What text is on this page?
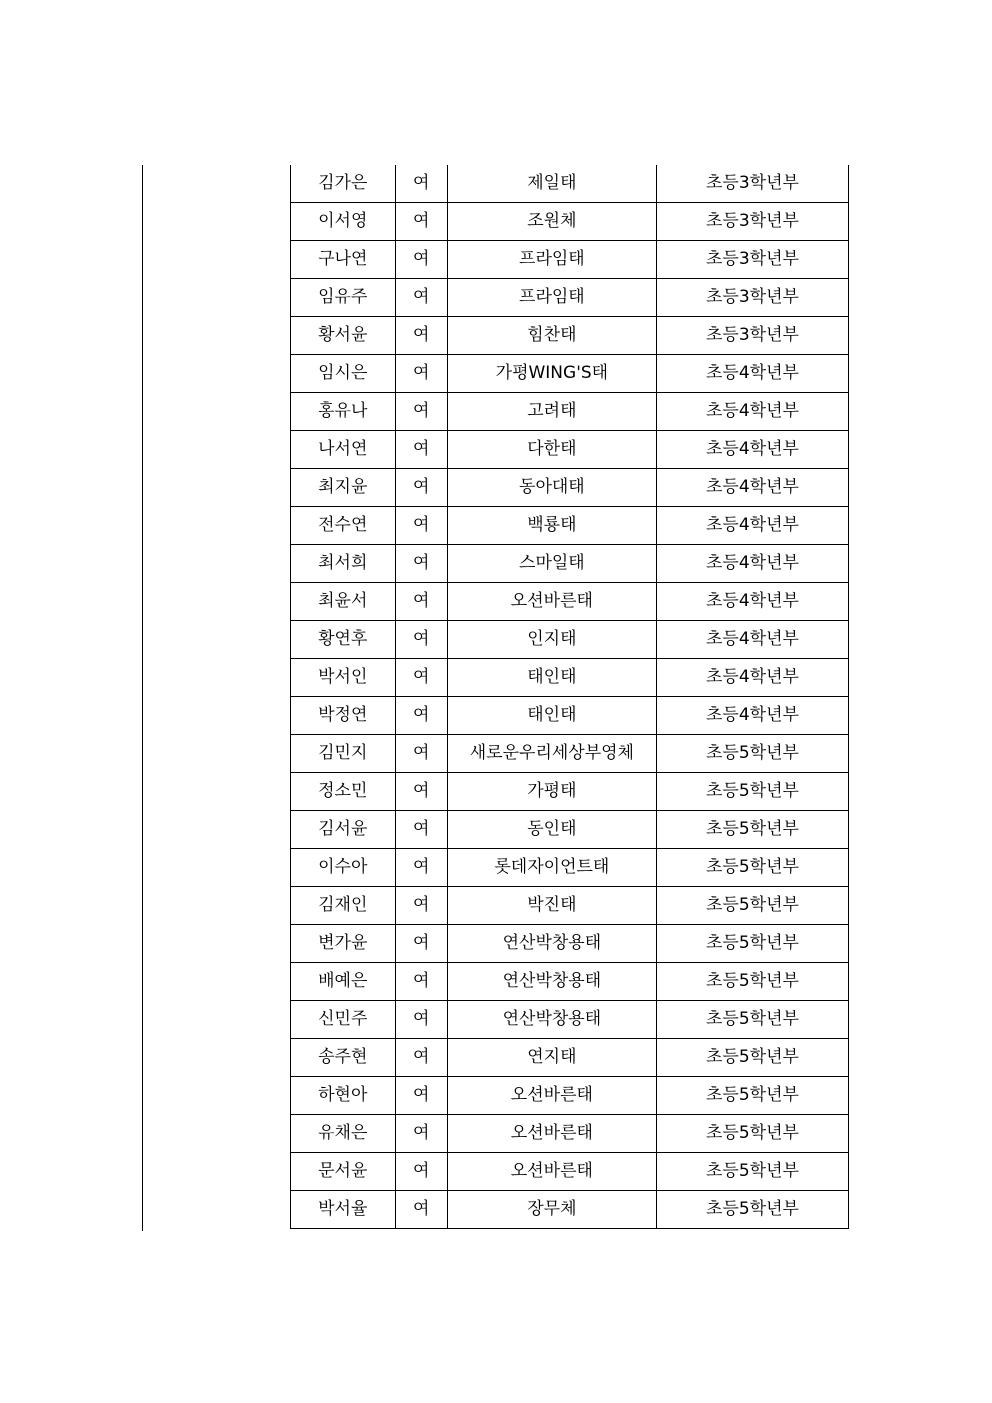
김가은	여	제일태	초등3학년부
이서영	여	조원체	초등3학년부
구나연	여	프라임태	초등3학년부
임유주	여	프라임태	초등3학년부
황서윤	여	힘찬태	초등3학년부
임시은	여	가평WING'S태	초등4학년부
홍유나	여	고려태	초등4학년부
나서연	여	다한태	초등4학년부
최지윤	여	동아대태	초등4학년부
전수연	여	백룡태	초등4학년부
최서희	여	스마일태	초등4학년부
최윤서	여	오션바른태	초등4학년부
황연후	여	인지태	초등4학년부
박서인	여	태인태	초등4학년부
박정연	여	태인태	초등4학년부
김민지	여	새로운우리세상부영체	초등5학년부
정소민	여	가평태	초등5학년부
김서윤	여	동인태	초등5학년부
이수아	여	롯데자이언트태	초등5학년부
김재인	여	박진태	초등5학년부
변가윤	여	연산박창용태	초등5학년부
배예은	여	연산박창용태	초등5학년부
신민주	여	연산박창용태	초등5학년부
송주현	여	연지태	초등5학년부
하현아	여	오션바른태	초등5학년부
유채은	여	오션바른태	초등5학년부
문서윤	여	오션바른태	초등5학년부
박서율	여	장무체	초등5학년부
